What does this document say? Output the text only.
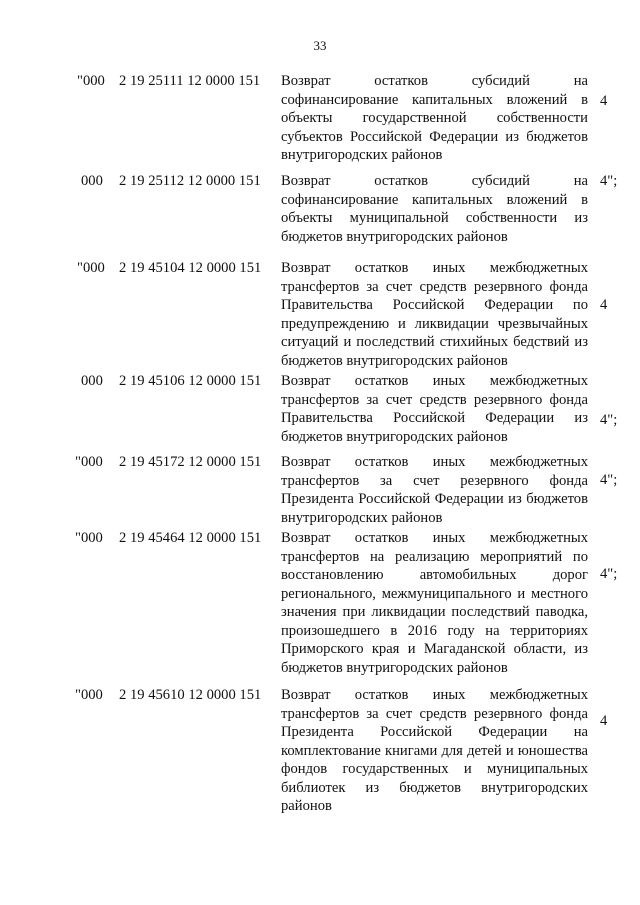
33
"000 2 19 25111 12 0000 151 Возврат остатков субсидий на софинансирование капитальных вложений в объекты государственной собственности субъектов Российской Федерации из бюджетов внутригородских районов
4
000 2 19 25112 12 0000 151 Возврат остатков субсидий на софинансирование капитальных вложений в объекты муниципальной собственности из бюджетов внутригородских районов
4";
"000 2 19 45104 12 0000 151 Возврат остатков иных межбюджетных трансфертов за счет средств резервного фонда Правительства Российской Федерации по предупреждению и ликвидации чрезвычайных ситуаций и последствий стихийных бедствий из бюджетов внутригородских районов
4
000 2 19 45106 12 0000 151 Возврат остатков иных межбюджетных трансфертов за счет средств резервного фонда Правительства Российской Федерации из бюджетов внутригородских районов
4";
"000 2 19 45172 12 0000 151 Возврат остатков иных межбюджетных трансфертов за счет резервного фонда Президента Российской Федерации из бюджетов внутригородских районов
4";
"000 2 19 45464 12 0000 151 Возврат остатков иных межбюджетных трансфертов на реализацию мероприятий по восстановлению автомобильных дорог регионального, межмуниципального и местного значения при ликвидации последствий паводка, произошедшего в 2016 году на территориях Приморского края и Магаданской области, из бюджетов внутригородских районов
4";
"000 2 19 45610 12 0000 151 Возврат остатков иных межбюджетных трансфертов за счет средств резервного фонда Президента Российской Федерации на комплектование книгами для детей и юношества фондов государственных и муниципальных библиотек из бюджетов внутригородских районов
4
